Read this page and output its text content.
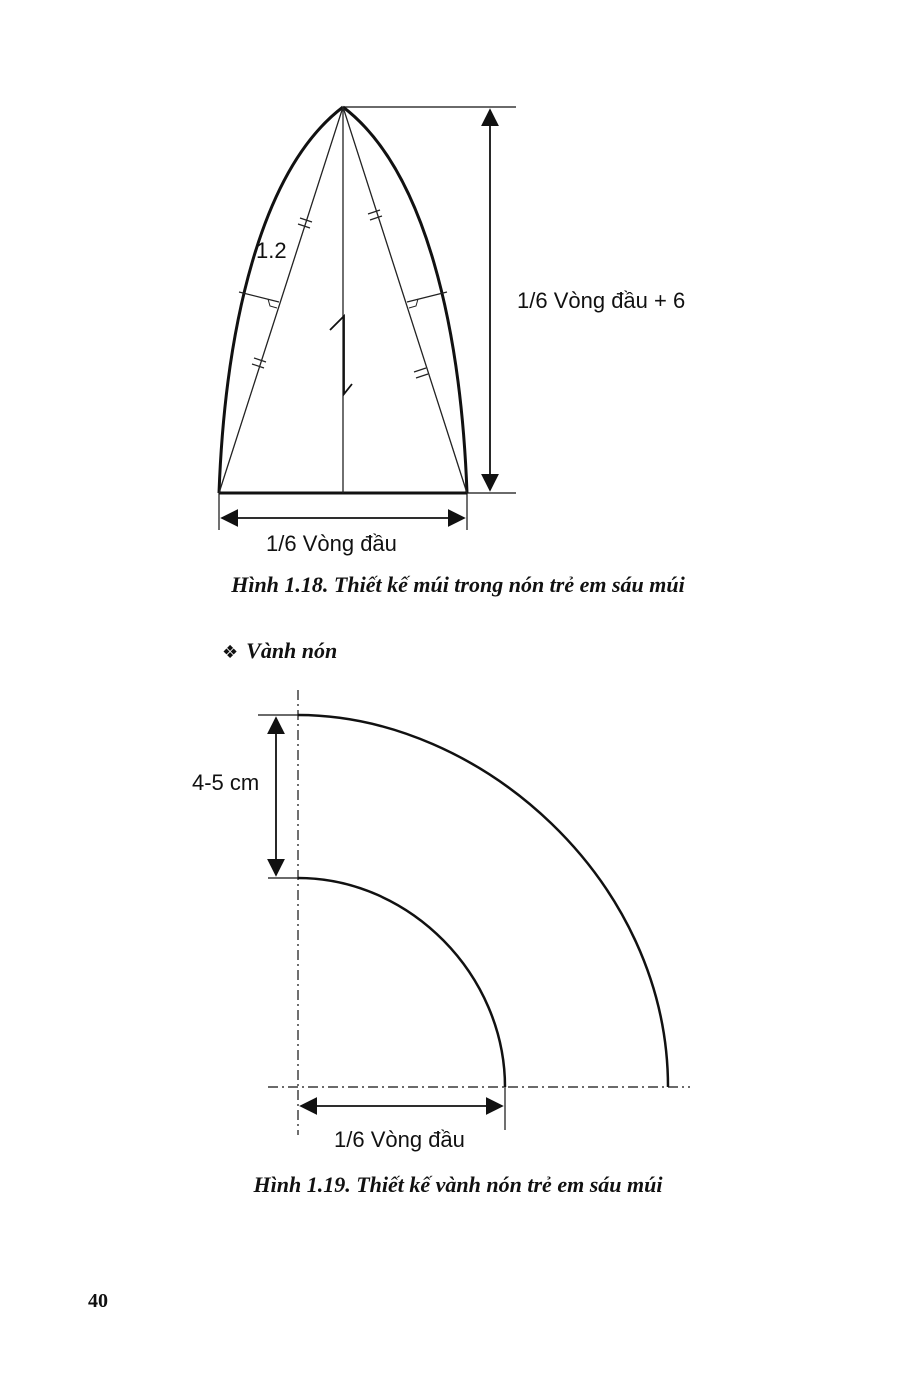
1.2
1/6 Vòng đầu + 6
1/6 Vòng đầu
Hình 1.18. Thiết kế múi trong nón trẻ em sáu múi
❖ Vành nón
4-5 cm
1/6 Vòng đầu
Hình 1.19. Thiết kế vành nón trẻ em sáu múi
40
